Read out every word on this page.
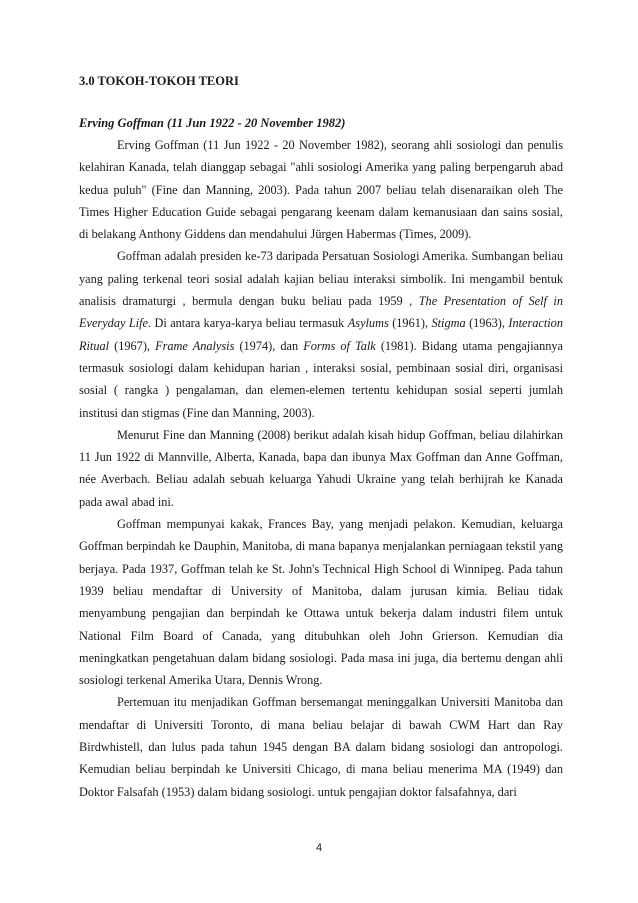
3.0 TOKOH-TOKOH TEORI
Erving Goffman (11 Jun 1922 - 20 November 1982)

Erving Goffman (11 Jun 1922 - 20 November 1982), seorang ahli sosiologi dan penulis kelahiran Kanada, telah dianggap sebagai "ahli sosiologi Amerika yang paling berpengaruh abad kedua puluh" (Fine dan Manning, 2003). Pada tahun 2007 beliau telah disenaraikan oleh The Times Higher Education Guide sebagai pengarang keenam dalam kemanusiaan dan sains sosial, di belakang Anthony Giddens dan mendahului Jürgen Habermas (Times, 2009).

Goffman adalah presiden ke-73 daripada Persatuan Sosiologi Amerika. Sumbangan beliau yang paling terkenal teori sosial adalah kajian beliau interaksi simbolik. Ini mengambil bentuk analisis dramaturgi , bermula dengan buku beliau pada 1959 , The Presentation of Self in Everyday Life. Di antara karya-karya beliau termasuk Asylums (1961), Stigma (1963), Interaction Ritual (1967), Frame Analysis (1974), dan Forms of Talk (1981). Bidang utama pengajiannya termasuk sosiologi dalam kehidupan harian , interaksi sosial, pembinaan sosial diri, organisasi sosial ( rangka ) pengalaman, dan elemen-elemen tertentu kehidupan sosial seperti jumlah institusi dan stigmas (Fine dan Manning, 2003).

Menurut Fine dan Manning (2008) berikut adalah kisah hidup Goffman, beliau dilahirkan 11 Jun 1922 di Mannville, Alberta, Kanada, bapa dan ibunya Max Goffman dan Anne Goffman, née Averbach. Beliau adalah sebuah keluarga Yahudi Ukraine yang telah berhijrah ke Kanada pada awal abad ini.

Goffman mempunyai kakak, Frances Bay, yang menjadi pelakon. Kemudian, keluarga Goffman berpindah ke Dauphin, Manitoba, di mana bapanya menjalankan perniagaan tekstil yang berjaya. Pada 1937, Goffman telah ke St. John's Technical High School di Winnipeg. Pada tahun 1939 beliau mendaftar di University of Manitoba, dalam jurusan kimia. Beliau tidak menyambung pengajian dan berpindah ke Ottawa untuk bekerja dalam industri filem untuk National Film Board of Canada, yang ditubuhkan oleh John Grierson. Kemudian dia meningkatkan pengetahuan dalam bidang sosiologi. Pada masa ini juga, dia bertemu dengan ahli sosiologi terkenal Amerika Utara, Dennis Wrong.

Pertemuan itu menjadikan Goffman bersemangat meninggalkan Universiti Manitoba dan mendaftar di Universiti Toronto, di mana beliau belajar di bawah CWM Hart dan Ray Birdwhistell, dan lulus pada tahun 1945 dengan BA dalam bidang sosiologi dan antropologi. Kemudian beliau berpindah ke Universiti Chicago, di mana beliau menerima MA (1949) dan Doktor Falsafah (1953) dalam bidang sosiologi. untuk pengajian doktor falsafahnya, dari

4
